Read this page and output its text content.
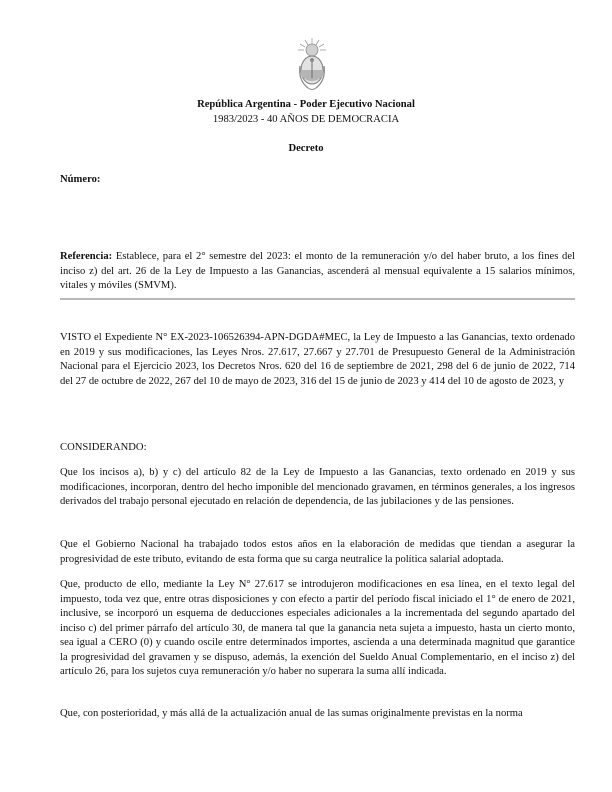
República Argentina - Poder Ejecutivo Nacional
1983/2023 - 40 AÑOS DE DEMOCRACIA
Decreto
Número:
Referencia: Establece, para el 2° semestre del 2023: el monto de la remuneración y/o del haber bruto, a los fines del inciso z) del art. 26 de la Ley de Impuesto a las Ganancias, ascenderá al mensual equivalente a 15 salarios mínimos, vitales y móviles (SMVM).
VISTO el Expediente N° EX-2023-106526394-APN-DGDA#MEC, la Ley de Impuesto a las Ganancias, texto ordenado en 2019 y sus modificaciones, las Leyes Nros. 27.617, 27.667 y 27.701 de Presupuesto General de la Administración Nacional para el Ejercicio 2023, los Decretos Nros. 620 del 16 de septiembre de 2021, 298 del 6 de junio de 2022, 714 del 27 de octubre de 2022, 267 del 10 de mayo de 2023, 316 del 15 de junio de 2023 y 414 del 10 de agosto de 2023, y
CONSIDERANDO:
Que los incisos a), b) y c) del artículo 82 de la Ley de Impuesto a las Ganancias, texto ordenado en 2019 y sus modificaciones, incorporan, dentro del hecho imponible del mencionado gravamen, en términos generales, a los ingresos derivados del trabajo personal ejecutado en relación de dependencia, de las jubilaciones y de las pensiones.
Que el Gobierno Nacional ha trabajado todos estos años en la elaboración de medidas que tiendan a asegurar la progresividad de este tributo, evitando de esta forma que su carga neutralice la política salarial adoptada.
Que, producto de ello, mediante la Ley N° 27.617 se introdujeron modificaciones en esa línea, en el texto legal del impuesto, toda vez que, entre otras disposiciones y con efecto a partir del período fiscal iniciado el 1° de enero de 2021, inclusive, se incorporó un esquema de deducciones especiales adicionales a la incrementada del segundo apartado del inciso c) del primer párrafo del artículo 30, de manera tal que la ganancia neta sujeta a impuesto, hasta un cierto monto, sea igual a CERO (0) y cuando oscile entre determinados importes, ascienda a una determinada magnitud que garantice la progresividad del gravamen y se dispuso, además, la exención del Sueldo Anual Complementario, en el inciso z) del artículo 26, para los sujetos cuya remuneración y/o haber no superara la suma allí indicada.
Que, con posterioridad, y más allá de la actualización anual de las sumas originalmente previstas en la norma
